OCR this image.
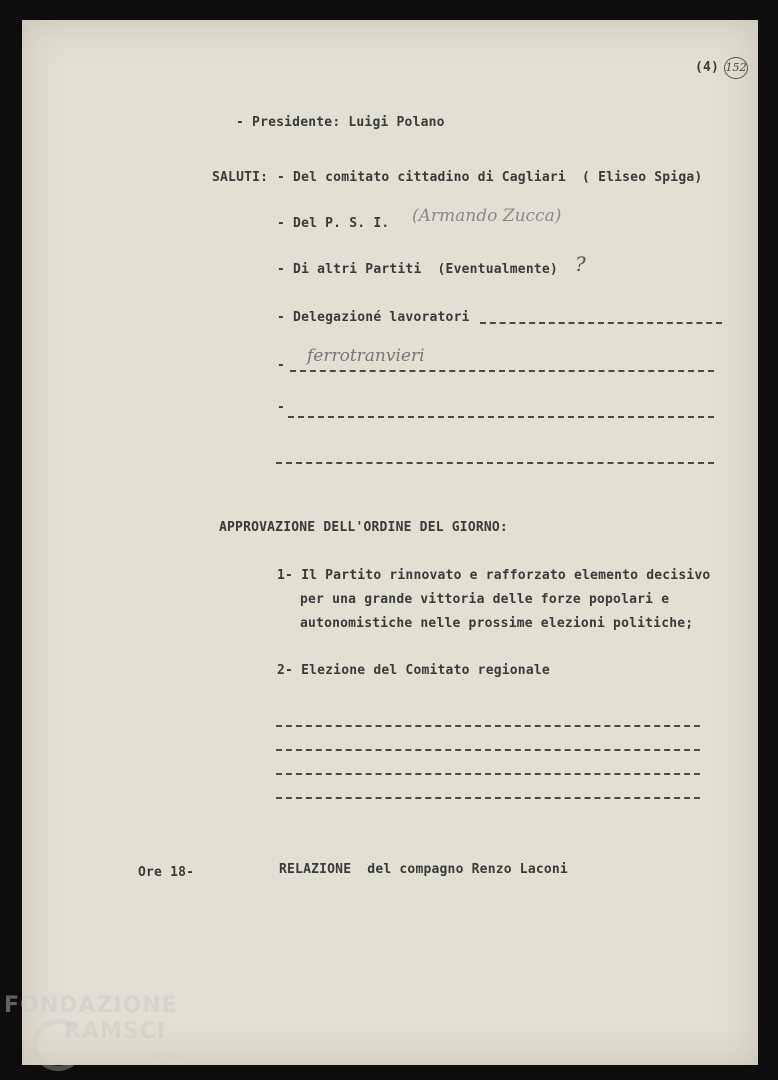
(4) 152
- Presidente: Luigi Polano
SALUTI: - Del comitato cittadino di Cagliari  ( Eliseo Spiga)
- Del P. S. I. (Armando Zucca)
- Di altri Partiti  (Eventualmente) ?
- Delegazioné lavoratori
- ferrotranvieri
-
APPROVAZIONE DELL'ORDINE DEL GIORNO:
1- Il Partito rinnovato e rafforzato elemento decisivo
per una grande vittoria delle forze popolari e
autonomistiche nelle prossime elezioni politiche;
2- Elezione del Comitato regionale
Ore 18-	RELAZIONE  del compagno Renzo Laconi
FONDAZIONE
RAMSCI
onlus
